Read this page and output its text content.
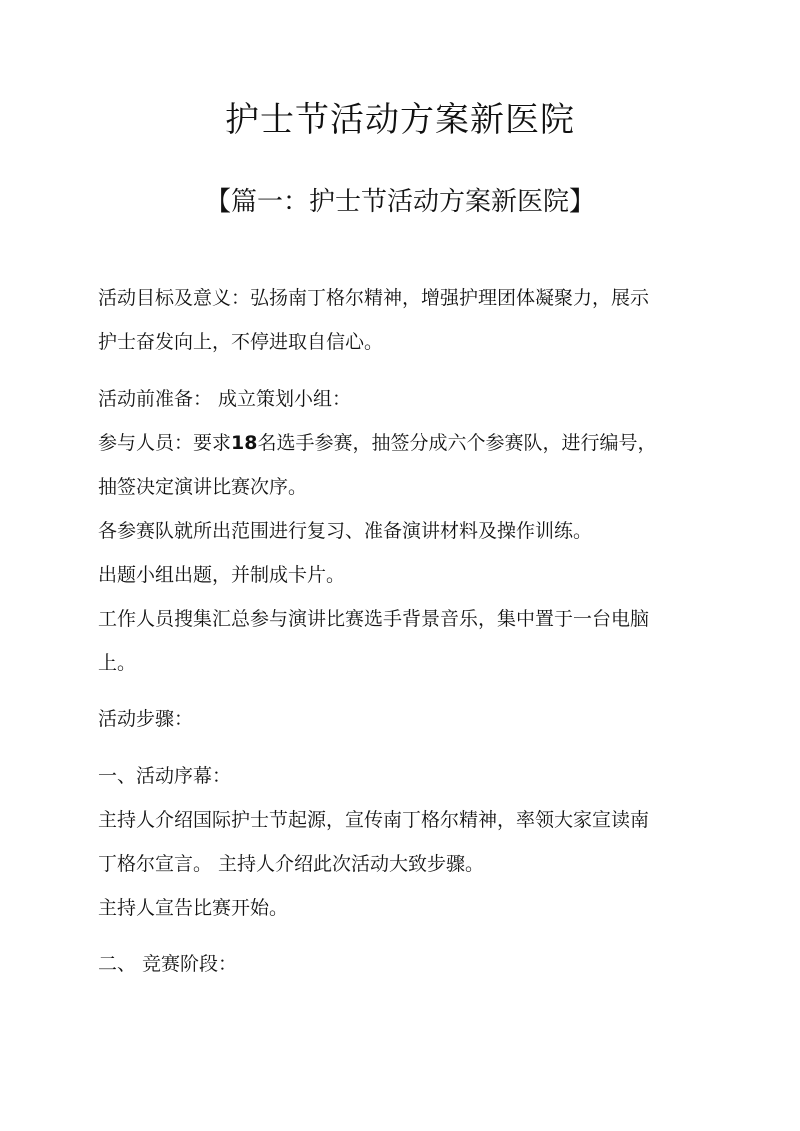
护士节活动方案新医院
【篇一：护士节活动方案新医院】
活动目标及意义：弘扬南丁格尔精神，增强护理团体凝聚力，展示
护士奋发向上，不停进取自信心。
活动前准备： 成立策划小组：
参与人员：要求18名选手参赛，抽签分成六个参赛队，进行编号，
抽签决定演讲比赛次序。
各参赛队就所出范围进行复习、准备演讲材料及操作训练。
出题小组出题，并制成卡片。
工作人员搜集汇总参与演讲比赛选手背景音乐，集中置于一台电脑
上。
活动步骤：
一、活动序幕：
主持人介绍国际护士节起源，宣传南丁格尔精神，率领大家宣读南
丁格尔宣言。 主持人介绍此次活动大致步骤。
主持人宣告比赛开始。
二、 竞赛阶段：
